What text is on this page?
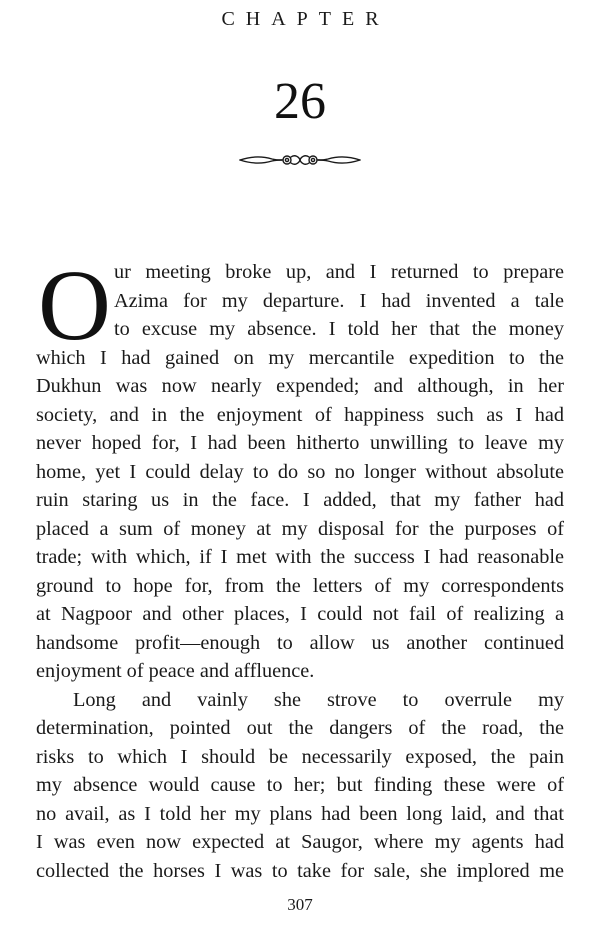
CHAPTER
26
O ur meeting broke up, and I returned to prepare
Azima for my departure. I had invented a tale
to excuse my absence. I told her that the money
which I had gained on my mercantile expedition to the
Dukhun was now nearly expended; and although, in her
society, and in the enjoyment of happiness such as I had
never hoped for, I had been hitherto unwilling to leave my
home, yet I could delay to do so no longer without absolute
ruin staring us in the face. I added, that my father had
placed a sum of money at my disposal for the purposes of
trade; with which, if I met with the success I had reasonable
ground to hope for, from the letters of my correspondents
at Nagpoor and other places, I could not fail of realizing a
handsome profit—enough to allow us another continued
enjoyment of peace and affluence.

Long and vainly she strove to overrule my
determination, pointed out the dangers of the road, the
risks to which I should be necessarily exposed, the pain
my absence would cause to her; but finding these were of
no avail, as I told her my plans had been long laid, and that
I was even now expected at Saugor, where my agents had
collected the horses I was to take for sale, she implored me

307
